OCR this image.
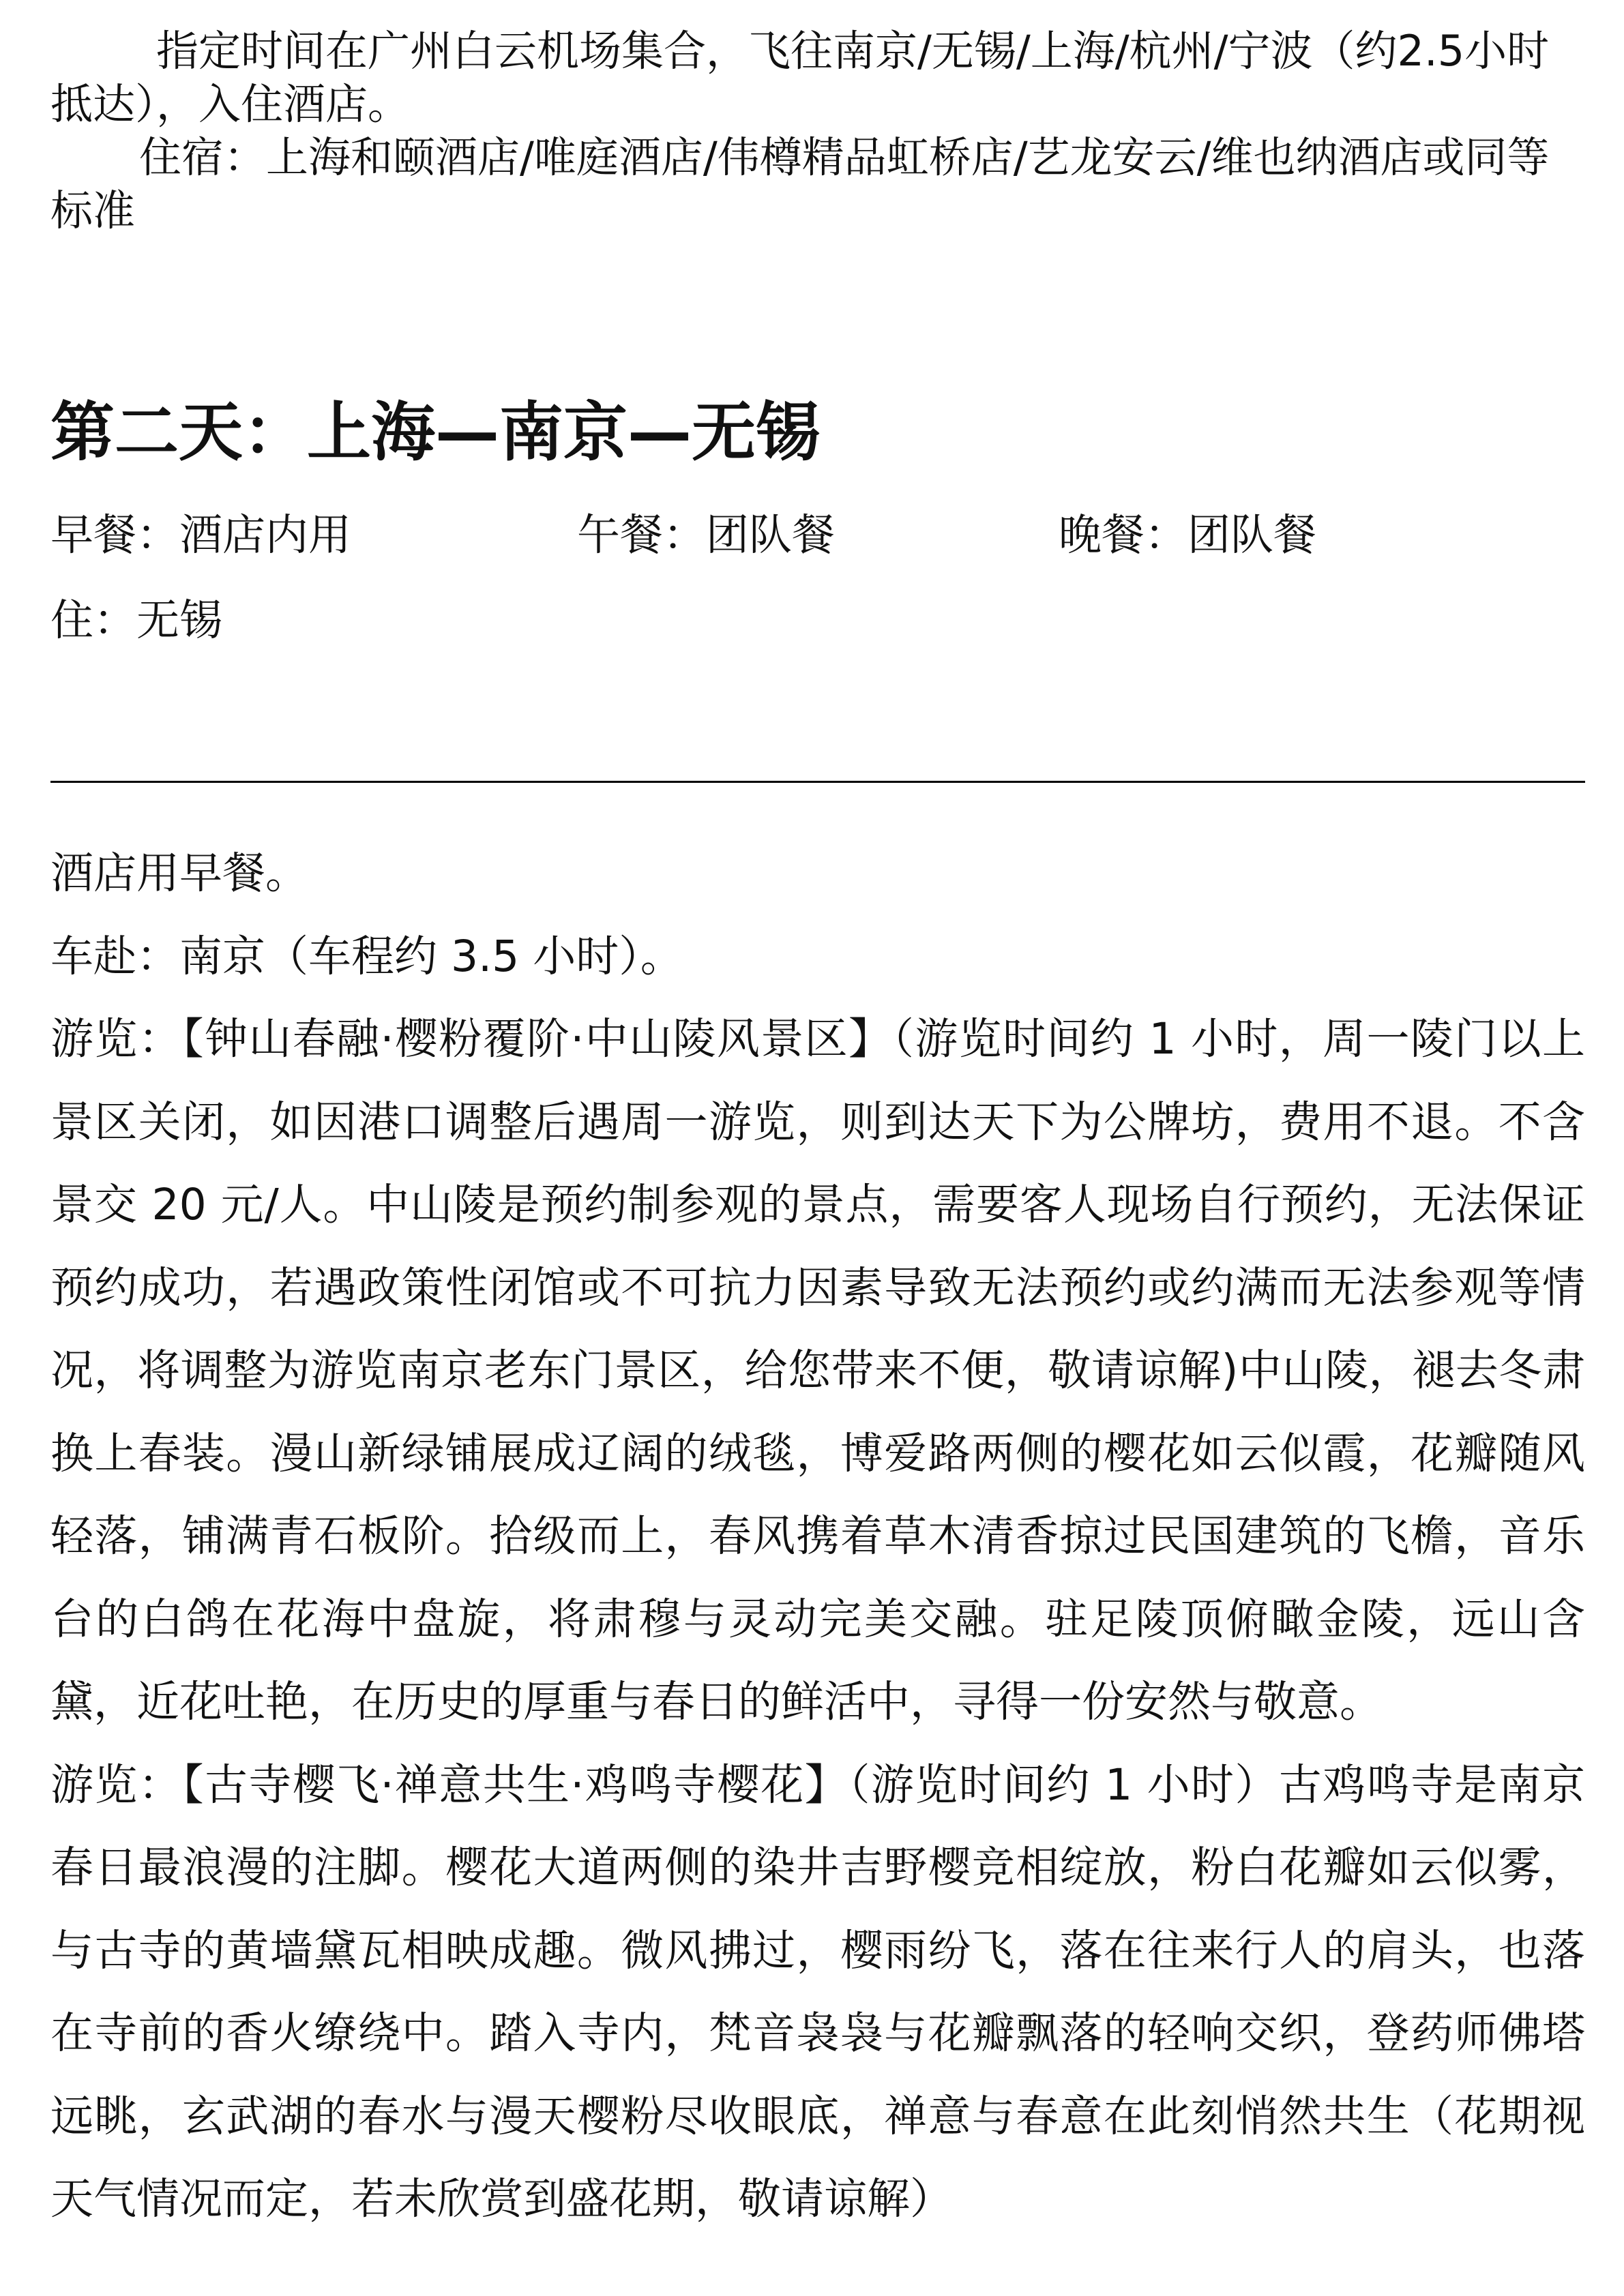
指定时间在广州白云机场集合，飞往南京/无锡/上海/杭州/宁波（约2.5小时抵达），入住酒店。

住宿：上海和颐酒店/唯庭酒店/伟樽精品虹桥店/艺龙安云/维也纳酒店或同等标准

第二天：上海—南京—无锡
早餐：酒店内用	午餐：团队餐	晚餐：团队餐
住：无锡

酒店用早餐。

车赴：南京（车程约 3.5 小时）。

游览：【钟山春融·樱粉覆阶·中山陵风景区】（游览时间约 1 小时，周一陵门以上景区关闭，如因港口调整后遇周一游览，则到达天下为公牌坊，费用不退。不含景交 20 元/人。中山陵是预约制参观的景点，需要客人现场自行预约，无法保证预约成功，若遇政策性闭馆或不可抗力因素导致无法预约或约满而无法参观等情况，将调整为游览南京老东门景区，给您带来不便，敬请谅解)中山陵，褪去冬肃换上春装。漫山新绿铺展成辽阔的绒毯，博爱路两侧的樱花如云似霞，花瓣随风轻落，铺满青石板阶。拾级而上，春风携着草木清香掠过民国建筑的飞檐，音乐台的白鸽在花海中盘旋，将肃穆与灵动完美交融。驻足陵顶俯瞰金陵，远山含黛，近花吐艳，在历史的厚重与春日的鲜活中，寻得一份安然与敬意。

游览：【古寺樱飞·禅意共生·鸡鸣寺樱花】（游览时间约 1 小时）古鸡鸣寺是南京春日最浪漫的注脚。樱花大道两侧的染井吉野樱竞相绽放，粉白花瓣如云似雾，与古寺的黄墙黛瓦相映成趣。微风拂过，樱雨纷飞，落在往来行人的肩头，也落在寺前的香火缭绕中。踏入寺内，梵音袅袅与花瓣飘落的轻响交织，登药师佛塔远眺，玄武湖的春水与漫天樱粉尽收眼底，禅意与春意在此刻悄然共生（花期视天气情况而定，若未欣赏到盛花期，敬请谅解）
